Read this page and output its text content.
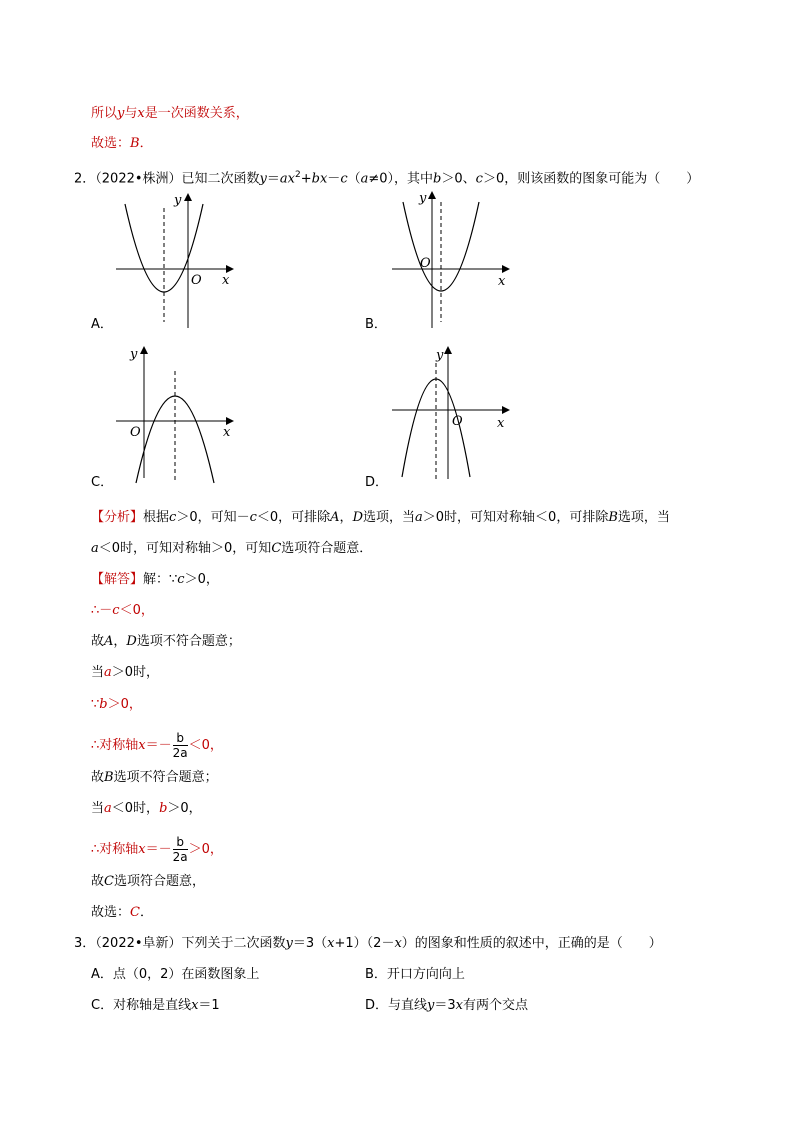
所以y与x是一次函数关系，
故选：B．
2．（2022•株洲）已知二次函数$y=ax^2+bx-c(a\ne 0)$，其中b＞0、c＞0，则该函数的图象可能为（　　）
y
x
O
A．
y
x
O
B．
y
x
O
C．
y
x
O
D．
【分析】根据c＞0，可知－c＜0，可排除A，D选项，当a＞0时，可知对称轴＜0，可排除B选项，当
a＜0时，可知对称轴＞0，可知C选项符合题意．
【解答】解：∵c＞0，
∴－c＜0，
故A，D选项不符合题意；
当a＞0时，
∵b＞0，
∴对称轴$x=- \frac{b}{2a} <0$，
故B选项不符合题意；
当a＜0时，b＞0，
∴对称轴$x=- \frac{b}{2a} >0$，
故C选项符合题意，
故选：C．
3．（2022•阜新）下列关于二次函数y＝3（x+1）（2－x）的图象和性质的叙述中，正确的是（　　）
A．点（0，2）在函数图象上	B．开口方向向上
C．对称轴是直线x＝1	D．与直线y＝3x有两个交点
